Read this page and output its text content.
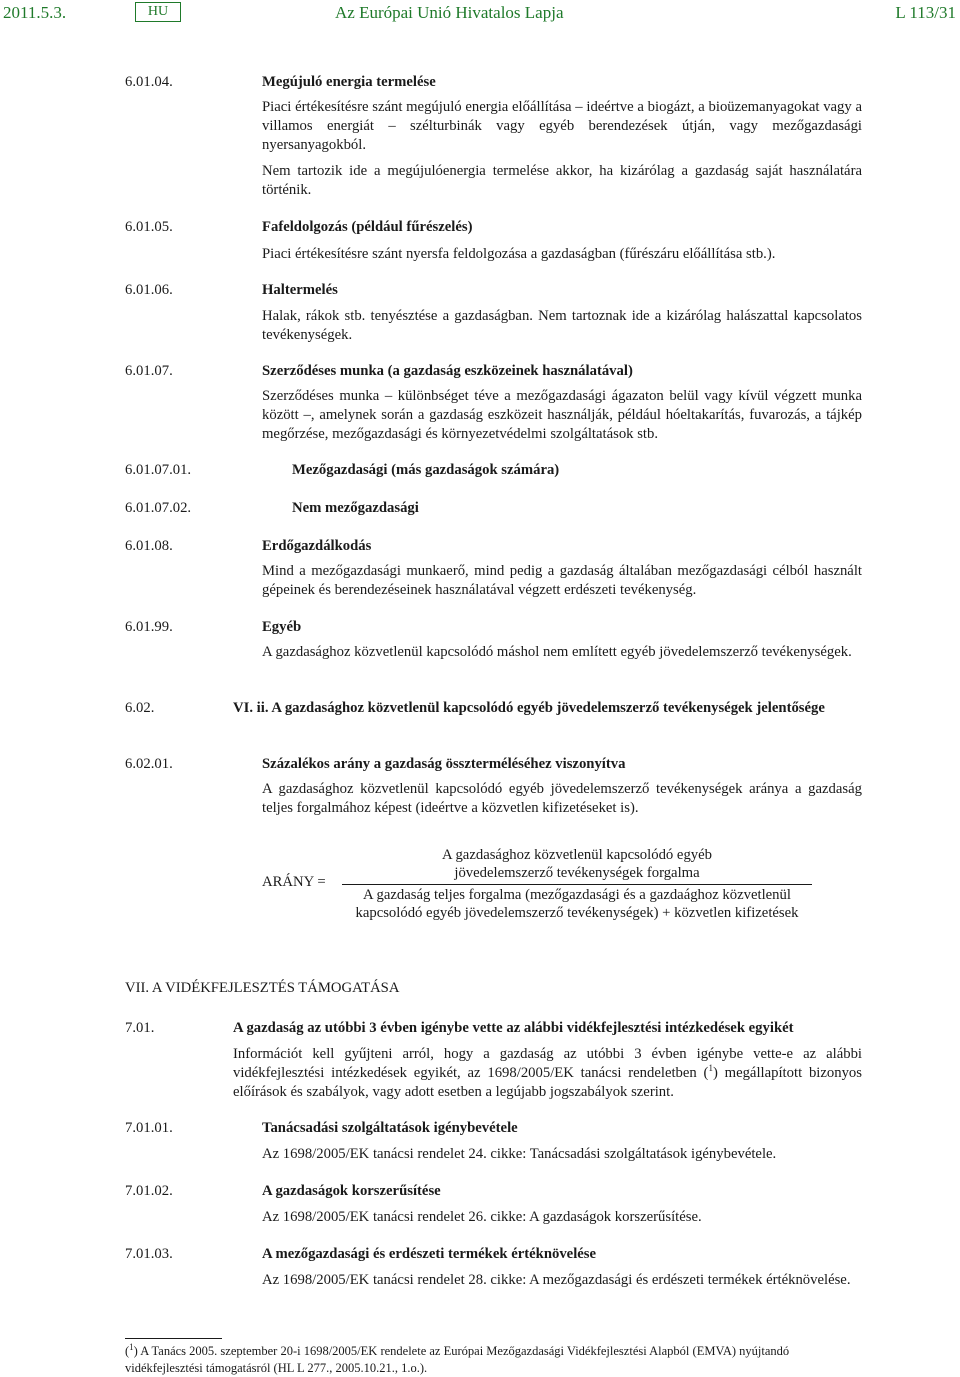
2011.5.3.	HU	Az Európai Unió Hivatalos Lapja	L 113/31
6.01.04.	Megújuló energia termelése
Piaci értékesítésre szánt megújuló energia előállítása – ideértve a biogázt, a bioüzemanyagokat vagy a villamos energiát – szélturbinák vagy egyéb berendezések útján, vagy mezőgazdasági nyersanyagokból.
Nem tartozik ide a megújulóenergia termelése akkor, ha kizárólag a gazdaság saját használatára történik.
6.01.05.	Fafeldolgozás (például fűrészelés)
Piaci értékesítésre szánt nyersfa feldolgozása a gazdaságban (fűrészáru előállítása stb.).
6.01.06.	Haltermelés
Halak, rákok stb. tenyésztése a gazdaságban. Nem tartoznak ide a kizárólag halászattal kapcsolatos tevékenységek.
6.01.07.	Szerződéses munka (a gazdaság eszközeinek használatával)
Szerződéses munka – különbséget téve a mezőgazdasági ágazaton belül vagy kívül végzett munka között –, amelynek során a gazdaság eszközeit használják, például hóeltakarítás, fuvarozás, a tájkép megőrzése, mezőgazdasági és környezetvédelmi szolgáltatások stb.
6.01.07.01.	Mezőgazdasági (más gazdaságok számára)
6.01.07.02.	Nem mezőgazdasági
6.01.08.	Erdőgazdálkodás
Mind a mezőgazdasági munkaerő, mind pedig a gazdaság általában mezőgazdasági célból használt gépeinek és berendezéseinek használatával végzett erdészeti tevékenység.
6.01.99.	Egyéb
A gazdasághoz közvetlenül kapcsolódó máshol nem említett egyéb jövedelemszerző tevékenységek.
6.02.	VI. ii. A gazdasághoz közvetlenül kapcsolódó egyéb jövedelemszerző tevékenységek jelentősége
6.02.01.	Százalékos arány a gazdaság összterméléséhez viszonyítva
A gazdasághoz közvetlenül kapcsolódó egyéb jövedelemszerző tevékenységek aránya a gazdaság teljes forgalmához képest (ideértve a közvetlen kifizetéseket is).
ARÁNY =
A gazdasághoz közvetlenül kapcsolódó egyéb
jövedelemszerző tevékenységek forgalma
A gazdaság teljes forgalma (mezőgazdasági és a gazdaághoz közvetlenül
kapcsolódó egyéb jövedelemszerző tevékenységek) + közvetlen kifizetések
VII. A VIDÉKFEJLESZTÉS TÁMOGATÁSA
7.01.	A gazdaság az utóbbi 3 évben igénybe vette az alábbi vidékfejlesztési intézkedések egyikét
Információt kell gyűjteni arról, hogy a gazdaság az utóbbi 3 évben igénybe vette-e az alábbi vidékfejlesztési intézkedések egyikét, az 1698/2005/EK tanácsi rendeletben ($^1$) megállapított bizonyos előírások és szabályok, vagy adott esetben a legújabb jogszabályok szerint.
7.01.01.	Tanácsadási szolgáltatások igénybevétele
Az 1698/2005/EK tanácsi rendelet 24. cikke: Tanácsadási szolgáltatások igénybevétele.
7.01.02.	A gazdaságok korszerűsítése
Az 1698/2005/EK tanácsi rendelet 26. cikke: A gazdaságok korszerűsítése.
7.01.03.	A mezőgazdasági és erdészeti termékek értéknövelése
Az 1698/2005/EK tanácsi rendelet 28. cikke: A mezőgazdasági és erdészeti termékek értéknövelése.
($^1$) A Tanács 2005. szeptember 20-i 1698/2005/EK rendelete az Európai Mezőgazdasági Vidékfejlesztési Alapból (EMVA) nyújtandó vidékfejlesztési támogatásról (HL L 277., 2005.10.21., 1.o.).
